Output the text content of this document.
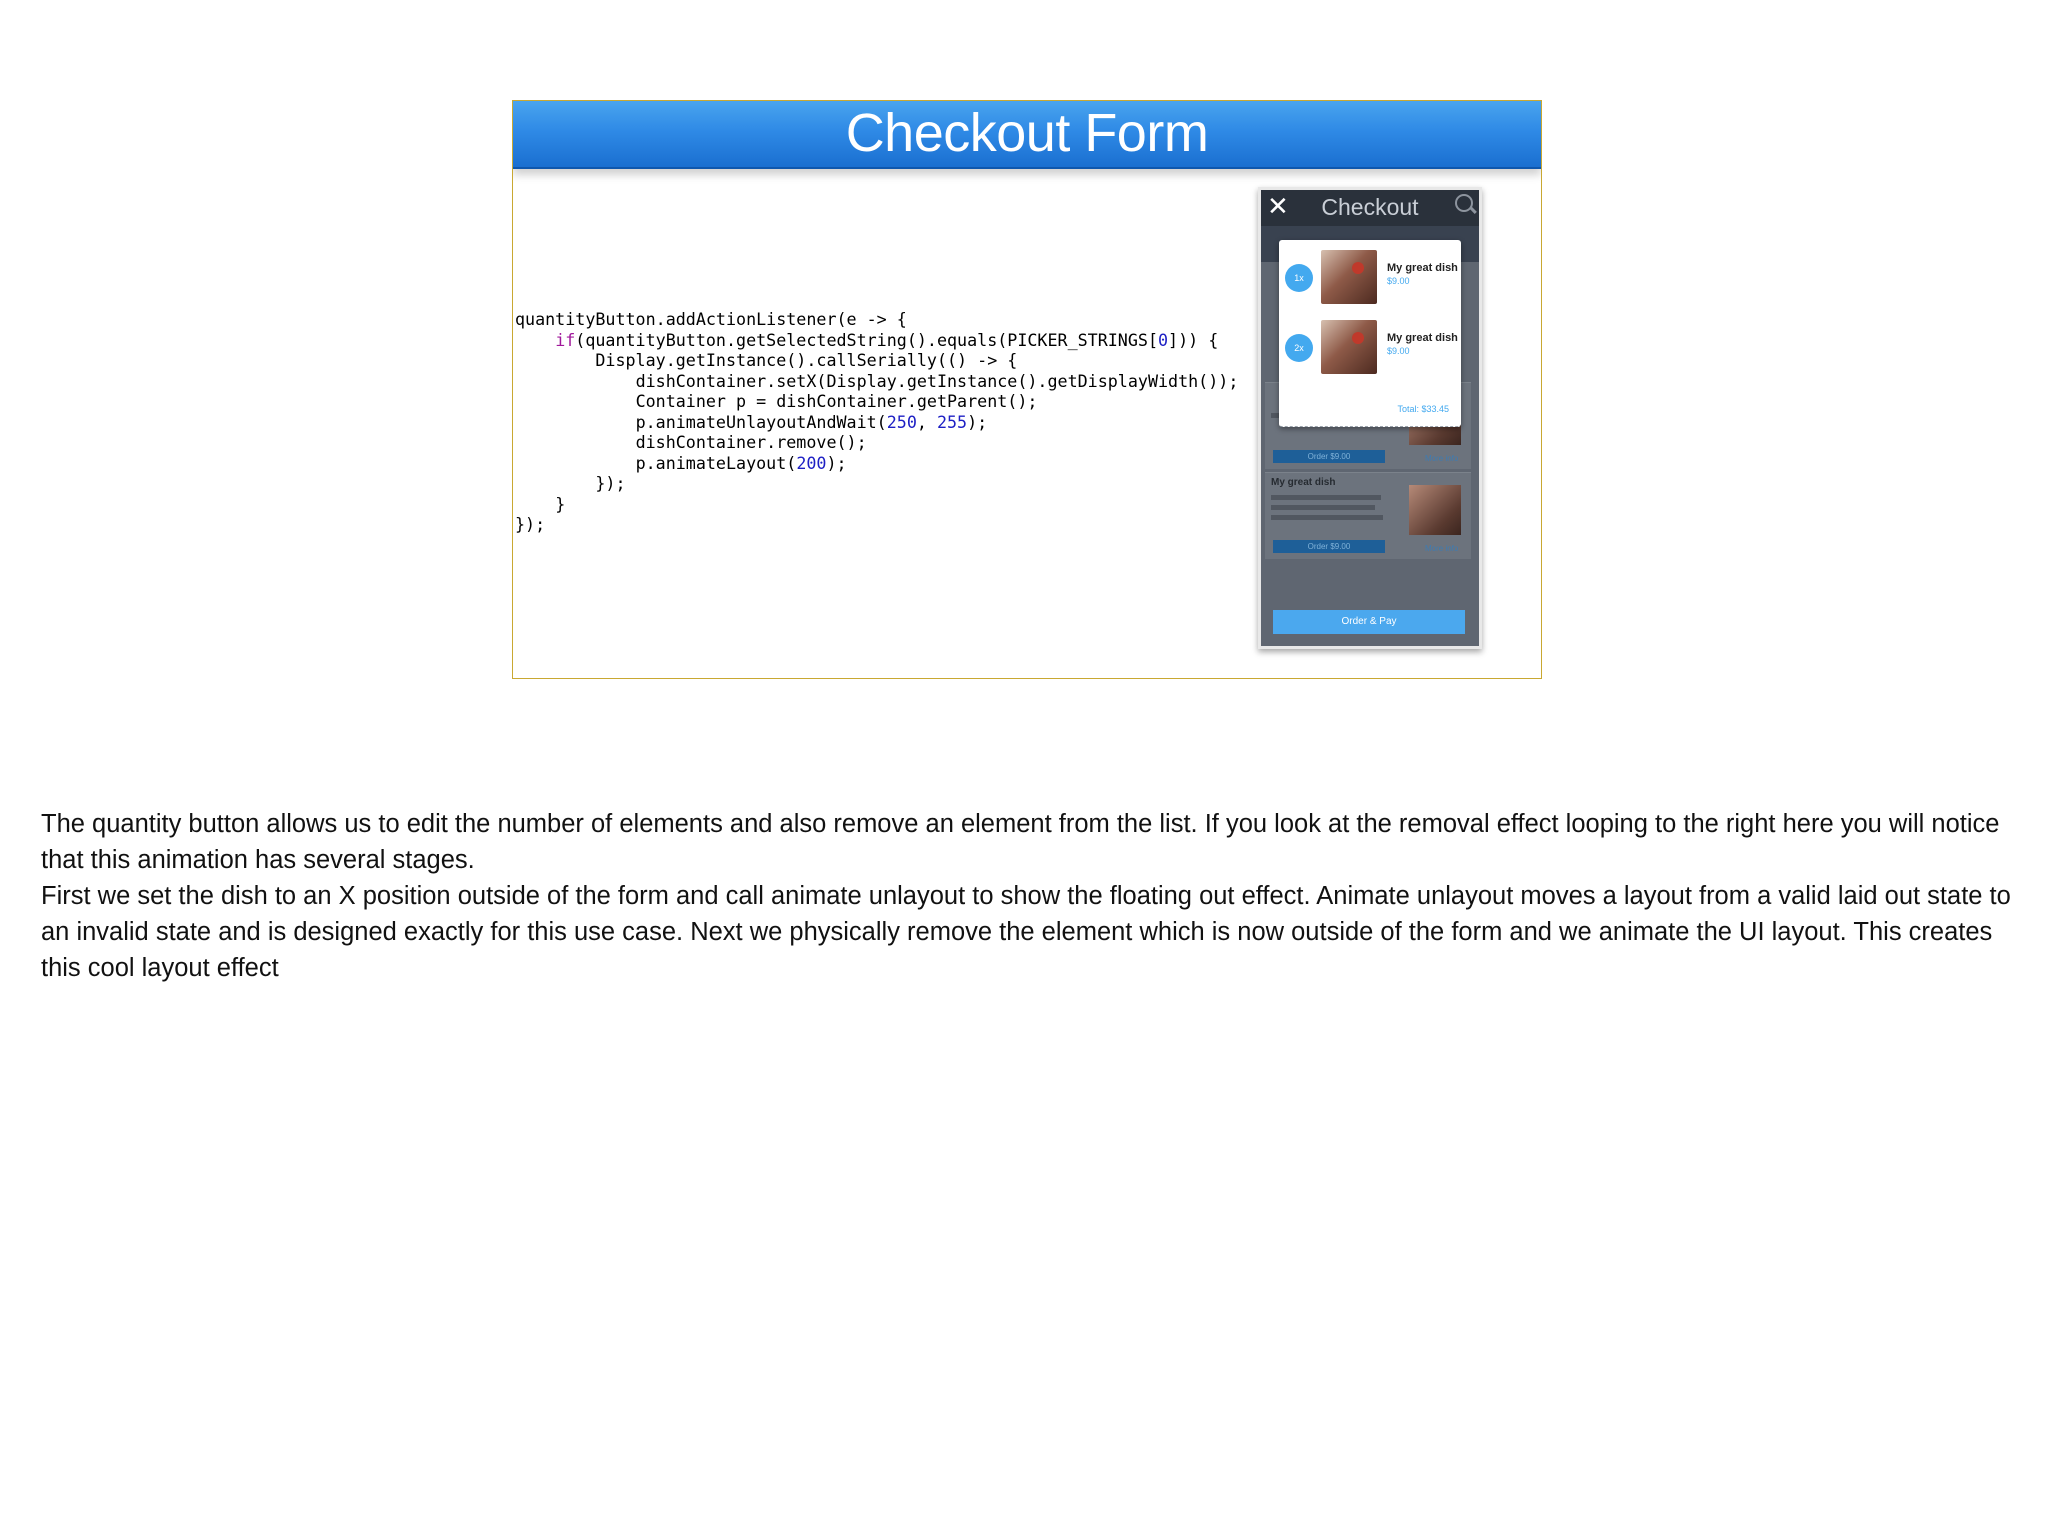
Checkout Form
quantityButton.addActionListener(e -> {
if(quantityButton.getSelectedString().equals(PICKER_STRINGS[0])) {
Display.getInstance().callSerially(() -> {
dishContainer.setX(Display.getInstance().getDisplayWidth());
Container p = dishContainer.getParent();
p.animateUnlayoutAndWait(250, 255);
dishContainer.remove();
p.animateLayout(200);
});
}
});
✕	Checkout
Order $9.00	More info
My great dish
Order $9.00	More info
Order & Pay
1x
My great dish
$9.00
2x
My great dish
$9.00
Total: $33.45

The quantity button allows us to edit the number of elements and also remove an element from the list. If you look at the removal effect looping to the right here you will notice that this animation has several stages.

First we set the dish to an X position outside of the form and call animate unlayout to show the floating out effect. Animate unlayout moves a layout from a valid laid out state to an invalid state and is designed exactly for this use case. Next we physically remove the element which is now outside of the form and we animate the UI layout. This creates this cool layout effect
